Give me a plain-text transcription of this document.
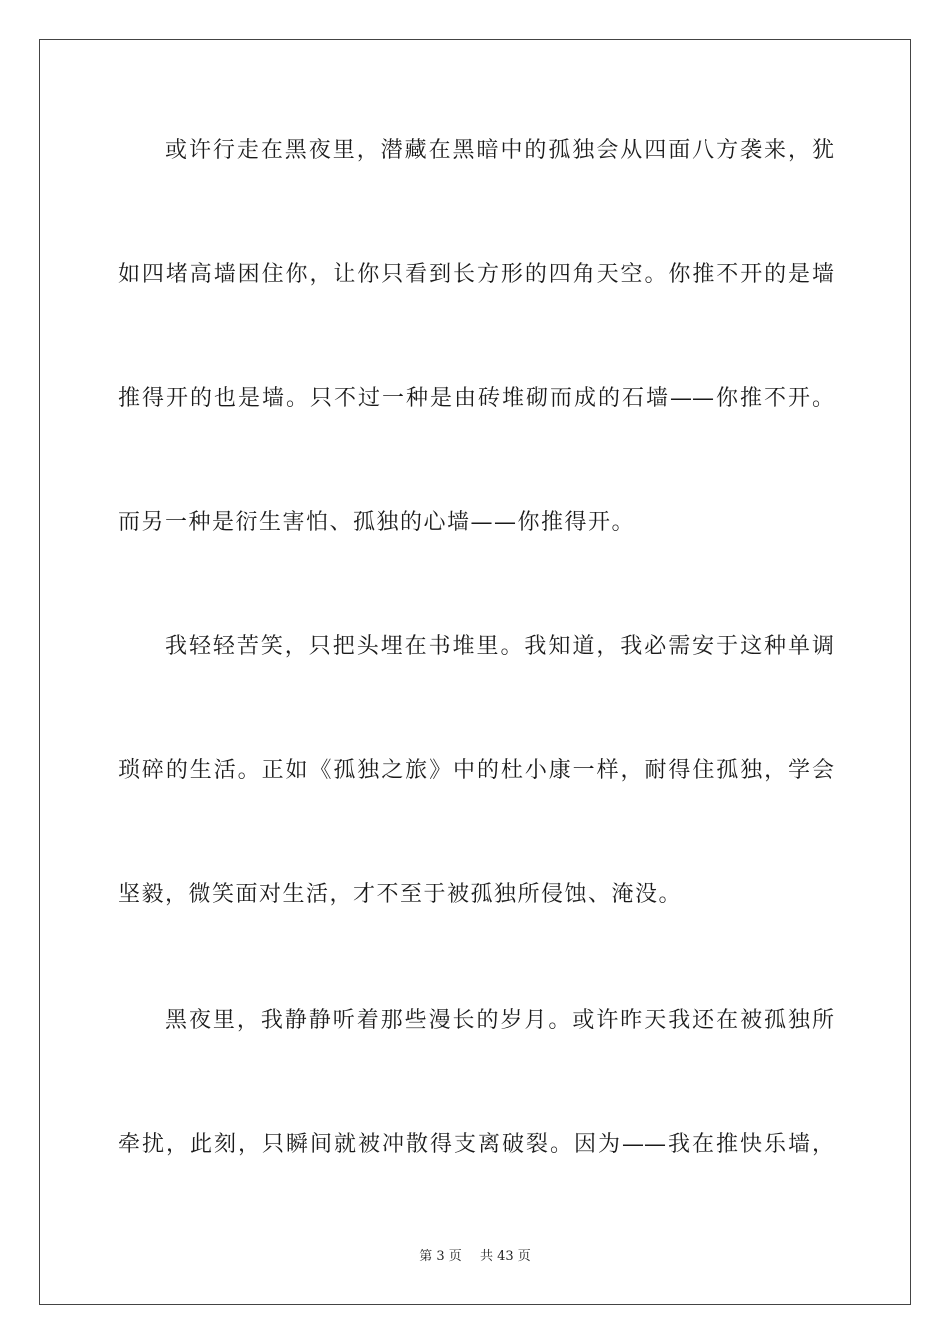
或许行走在黑夜里，潜藏在黑暗中的孤独会从四面八方袭来，犹
如四堵高墙困住你，让你只看到长方形的四角天空。你推不开的是墙
推得开的也是墙。只不过一种是由砖堆砌而成的石墙——你推不开。
而另一种是衍生害怕、孤独的心墙——你推得开。
我轻轻苦笑，只把头埋在书堆里。我知道，我必需安于这种单调
琐碎的生活。正如《孤独之旅》中的杜小康一样，耐得住孤独，学会
坚毅，微笑面对生活，才不至于被孤独所侵蚀、淹没。
黑夜里，我静静听着那些漫长的岁月。或许昨天我还在被孤独所
牵扰，此刻，只瞬间就被冲散得支离破裂。因为——我在推快乐墙，
第 3 页 共 43 页
